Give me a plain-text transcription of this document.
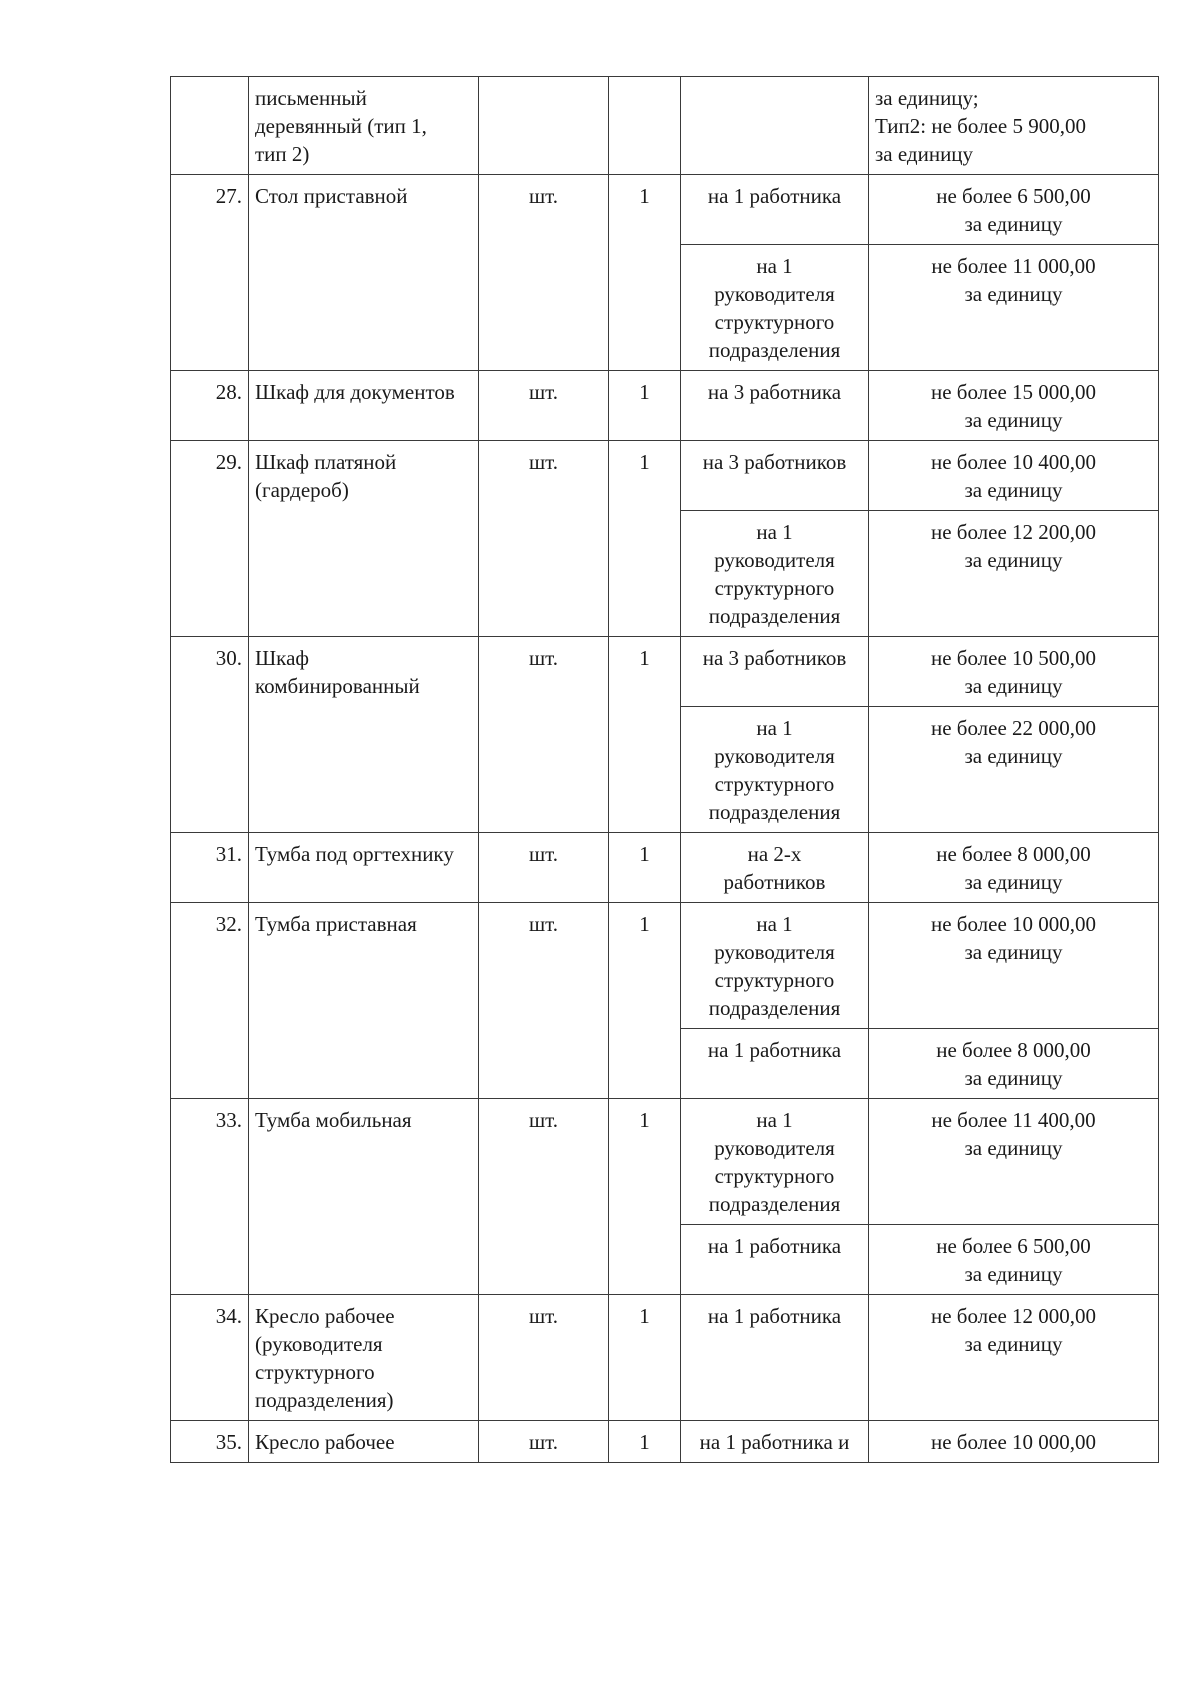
	письменный
деревянный (тип 1,
тип 2)				за единицу;
Тип2: не более 5 900,00
за единицу

27.	Стол приставной	шт.	1	на 1 работника	не более 6 500,00
за единицу

				на 1
руководителя
структурного
подразделения	не более 11 000,00
за единицу

28.	Шкаф для документов	шт.	1	на 3 работника	не более 15 000,00
за единицу

29.	Шкаф платяной (гардероб)	шт.	1	на 3 работников	не более 10 400,00
за единицу

				на 1
руководителя
структурного
подразделения	не более 12 200,00
за единицу

30.	Шкаф комбинированный	шт.	1	на 3 работников	не более 10 500,00
за единицу

				на 1
руководителя
структурного
подразделения	не более 22 000,00
за единицу

31.	Тумба под оргтехнику	шт.	1	на 2-х
работников	не более 8 000,00
за единицу

32.	Тумба приставная	шт.	1	на 1
руководителя
структурного
подразделения	не более 10 000,00
за единицу

				на 1 работника	не более 8 000,00
за единицу

33.	Тумба мобильная	шт.	1	на 1
руководителя
структурного
подразделения	не более 11 400,00
за единицу

				на 1 работника	не более 6 500,00
за единицу

34.	Кресло рабочее (руководителя структурного подразделения)	шт.	1	на 1 работника	не более 12 000,00
за единицу

35.	Кресло рабочее	шт.	1	на 1 работника и	не более 10 000,00
